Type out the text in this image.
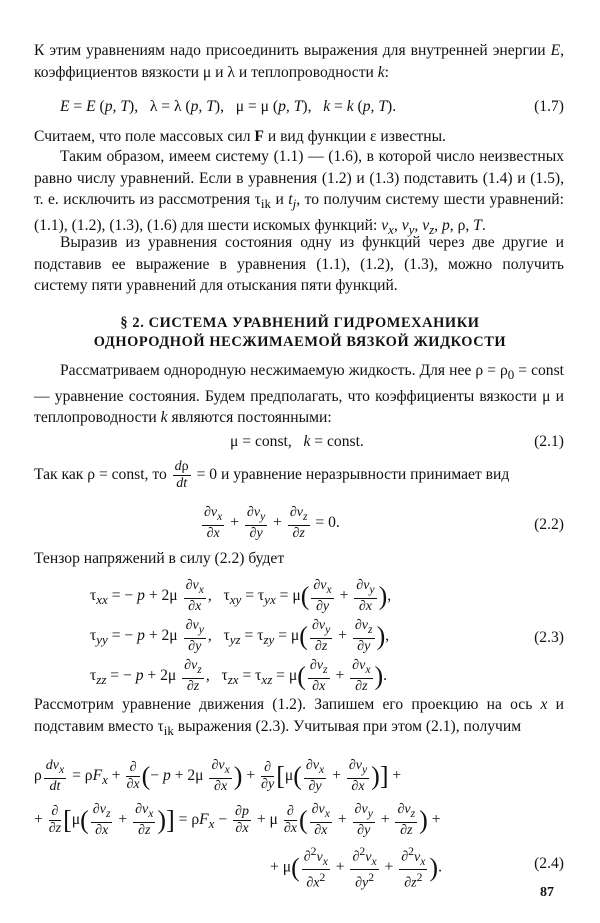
К этим уравнениям надо присоединить выражения для внутренней энергии E, коэффициентов вязкости μ и λ и теплопроводности k:

E = E (p, T),   λ = λ (p, T),   μ = μ (p, T),   k = k (p, T).	(1.7)

Считаем, что поле массовых сил F и вид функции ε известны.

Таким образом, имеем систему (1.1) — (1.6), в которой число неизвестных равно числу уравнений. Если в уравнения (1.2) и (1.3) подставить (1.4) и (1.5), т. е. исключить из рассмотрения $\tau_{ik}$ и $t_j$, то получим систему шести уравнений: (1.1), (1.2), (1.3), (1.6) для шести искомых функций: $v_x$, $v_y$, $v_z$, p, ρ, T.

Выразив из уравнения состояния одну из функций через две другие и подставив ее выражение в уравнения (1.1), (1.2), (1.3), можно получить систему пяти уравнений для отыскания пяти функций.

§ 2. СИСТЕМА УРАВНЕНИЙ ГИДРОМЕХАНИКИ

ОДНОРОДНОЙ НЕСЖИМАЕМОЙ ВЯЗКОЙ ЖИДКОСТИ

Рассматриваем однородную несжимаемую жидкость. Для нее $\rho = \rho_0$ = const — уравнение состояния. Будем предполагать, что коэффициенты вязкости μ и теплопроводности k являются постоянными:

μ = const,   k = const.	(2.1)

Так как ρ = const, то $\frac{d\rho}{dt} = 0$ и уравнение неразрывности принимает вид

$\frac{\partial v_x}{\partial x} + \frac{\partial v_y}{\partial y} + \frac{\partial v_z}{\partial z} = 0$.	(2.2)

Тензор напряжений в силу (2.2) будет

$\tau_{xx}$ = − $p + 2\mu \frac{\partial v_x}{\partial x}$ ,   $\tau_{xy} = \tau_{yx} = \mu( \frac{\partial v_x}{\partial y} + \frac{\partial v_y}{\partial x}$ ),
$\tau_{yy}$ = − $p + 2\mu \frac{\partial v_y}{\partial y}$ ,   $\tau_{yz} = \tau_{zy} = \mu( \frac{\partial v_y}{\partial z} + \frac{\partial v_z}{\partial y}$ ),	(2.3)
$\tau_{zz}$ = − $p + 2\mu \frac{\partial v_z}{\partial z}$ ,   $\tau_{zx} = \tau_{xz} = \mu( \frac{\partial v_z}{\partial x} + \frac{\partial v_x}{\partial z}$ ).

Рассмотрим уравнение движения (1.2). Запишем его проекцию на ось x и подставим вместо $\tau_{ik}$ выражения (2.3). Учитывая при этом (2.1), получим

ρ $\frac{dv_x}{dt} = \rho F_x + \frac{\partial}{\partial x}$ (− $p + 2\mu \frac{\partial v_x}{\partial x}$ ) + $\frac{\partial}{\partial y} [\mu( \frac{\partial v_x}{\partial y} + \frac{\partial v_y}{\partial x}$ )] +
+ $\frac{\partial}{\partial z} [\mu( \frac{\partial v_z}{\partial x} + \frac{\partial v_x}{\partial z}$ )] = $\rho F_x - \frac{\partial p}{\partial x} + \mu \frac{\partial}{\partial x}$ ( $\frac{\partial v_x}{\partial x} + \frac{\partial v_y}{\partial y} + \frac{\partial v_z}{\partial z}$ ) +
+ $\mu( \frac{\partial^2v_x}{\partial x^2} + \frac{\partial^2v_x}{\partial y^2} + \frac{\partial^2v_x}{\partial z^2}$ ).	(2.4)
87
